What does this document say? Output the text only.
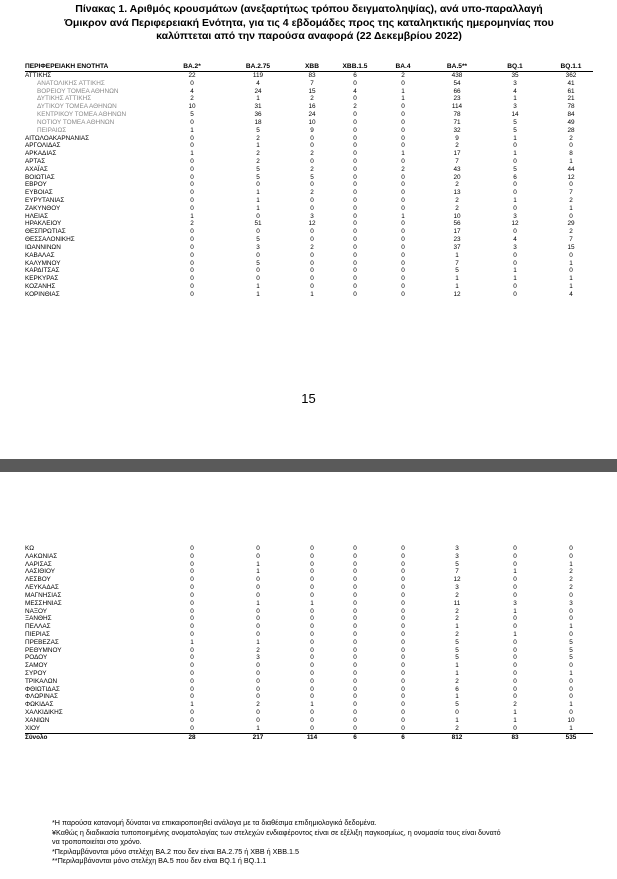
Πίνακας 1. Αριθμός κρουσμάτων (ανεξαρτήτως τρόπου δειγματοληψίας), ανά υπο-παραλλαγή
Όμικρον ανά Περιφερειακή Ενότητα, για τις 4 εβδομάδες προς της καταληκτικής ημερομηνίας που
καλύπτεται από την παρούσα αναφορά (22 Δεκεμβρίου 2022)
ΠΕΡΙΦΕΡΕΙΑΚΗ ΕΝΟΤΗΤΑ	BA.2*	BA.2.75	XBB	XBB.1.5	BA.4	BA.5**	BQ.1	BQ.1.1
ΑΤΤΙΚΗΣ	22	119	83	6	2	438	35	362
ΑΝΑΤΟΛΙΚΗΣ ΑΤΤΙΚΗΣ	0	4	7	0	0	54	3	41
ΒΟΡΕΙΟΥ ΤΟΜΕΑ ΑΘΗΝΩΝ	4	24	15	4	1	66	4	61
ΔΥΤΙΚΗΣ ΑΤΤΙΚΗΣ	2	1	2	0	1	23	1	21
ΔΥΤΙΚΟΥ ΤΟΜΕΑ ΑΘΗΝΩΝ	10	31	16	2	0	114	3	78
ΚΕΝΤΡΙΚΟΥ ΤΟΜΕΑ ΑΘΗΝΩΝ	5	36	24	0	0	78	14	84
ΝΟΤΙΟΥ ΤΟΜΕΑ ΑΘΗΝΩΝ	0	18	10	0	0	71	5	49
ΠΕΙΡΑΙΩΣ	1	5	9	0	0	32	5	28
ΑΙΤΩΛΟΑΚΑΡΝΑΝΙΑΣ	0	2	0	0	0	9	1	2
ΑΡΓΟΛΙΔΑΣ	0	1	0	0	0	2	0	0
ΑΡΚΑΔΙΑΣ	1	2	2	0	1	17	1	8
ΑΡΤΑΣ	0	2	0	0	0	7	0	1
ΑΧΑΪΑΣ	0	5	2	0	2	43	5	44
ΒΟΙΩΤΙΑΣ	0	5	5	0	0	20	6	12
ΕΒΡΟΥ	0	0	0	0	0	2	0	0
ΕΥΒΟΙΑΣ	0	1	2	0	0	13	0	7
ΕΥΡΥΤΑΝΙΑΣ	0	1	0	0	0	2	1	2
ΖΑΚΥΝΘΟΥ	0	1	0	0	0	2	0	1
ΗΛΕΙΑΣ	1	0	3	0	1	10	3	0
ΗΡΑΚΛΕΙΟΥ	2	51	12	0	0	56	12	29
ΘΕΣΠΡΩΤΙΑΣ	0	0	0	0	0	17	0	2
ΘΕΣΣΑΛΟΝΙΚΗΣ	0	5	0	0	0	23	4	7
ΙΩΑΝΝΙΝΩΝ	0	3	2	0	0	37	3	15
ΚΑΒΑΛΑΣ	0	0	0	0	0	1	0	0
ΚΑΛΥΜΝΟΥ	0	5	0	0	0	7	0	1
ΚΑΡΔΙΤΣΑΣ	0	0	0	0	0	5	1	0
ΚΕΡΚΥΡΑΣ	0	0	0	0	0	1	1	1
ΚΟΖΑΝΗΣ	0	1	0	0	0	1	0	1
ΚΟΡΙΝΘΙΑΣ	0	1	1	0	0	12	0	4
15
ΚΩ	0	0	0	0	0	3	0	0
ΛΑΚΩΝΙΑΣ	0	0	0	0	0	3	0	0
ΛΑΡΙΣΑΣ	0	1	0	0	0	5	0	1
ΛΑΣΙΘΙΟΥ	0	1	0	0	0	7	1	2
ΛΕΣΒΟΥ	0	0	0	0	0	12	0	2
ΛΕΥΚΑΔΑΣ	0	0	0	0	0	3	0	2
ΜΑΓΝΗΣΙΑΣ	0	0	0	0	0	2	0	0
ΜΕΣΣΗΝΙΑΣ	0	1	1	0	0	11	3	3
ΝΑΞΟΥ	0	0	0	0	0	2	1	0
ΞΑΝΘΗΣ	0	0	0	0	0	2	0	0
ΠΕΛΛΑΣ	0	0	0	0	0	1	0	1
ΠΙΕΡΙΑΣ	0	0	0	0	0	2	1	0
ΠΡΕΒΕΖΑΣ	1	1	0	0	0	5	0	5
ΡΕΘΥΜΝΟΥ	0	2	0	0	0	5	0	5
ΡΟΔΟΥ	0	3	0	0	0	5	0	5
ΣΑΜΟΥ	0	0	0	0	0	1	0	0
ΣΥΡΟΥ	0	0	0	0	0	1	0	1
ΤΡΙΚΑΛΩΝ	0	0	0	0	0	2	0	0
ΦΘΙΩΤΙΔΑΣ	0	0	0	0	0	6	0	0
ΦΛΩΡΙΝΑΣ	0	0	0	0	0	1	0	0
ΦΩΚΙΔΑΣ	1	2	1	0	0	5	2	1
ΧΑΛΚΙΔΙΚΗΣ	0	0	0	0	0	0	1	0
ΧΑΝΙΩΝ	0	0	0	0	0	1	1	10
ΧΙΟΥ	0	1	0	0	0	2	0	1
Σύνολο	28	217	114	6	6	812	83	535
*Η παρούσα κατανομή δύναται να επικαιροποιηθεί ανάλογα με τα διαθέσιμα επιδημιολογικά δεδομένα.
¥Καθώς η διαδικασία τυποποιημένης ονοματολογίας των στελεχών ενδιαφέροντος είναι σε εξέλιξη παγκοσμίως, η ονομασία τους είναι δυνατό
να τροποποιείται στο χρόνο.
*Περιλαμβάνονται μόνο στελέχη BA.2 που δεν είναι BA.2.75 ή XBB ή XBB.1.5
**Περιλαμβάνονται μόνο στελέχη BA.5 που δεν είναι BQ.1 ή BQ.1.1
